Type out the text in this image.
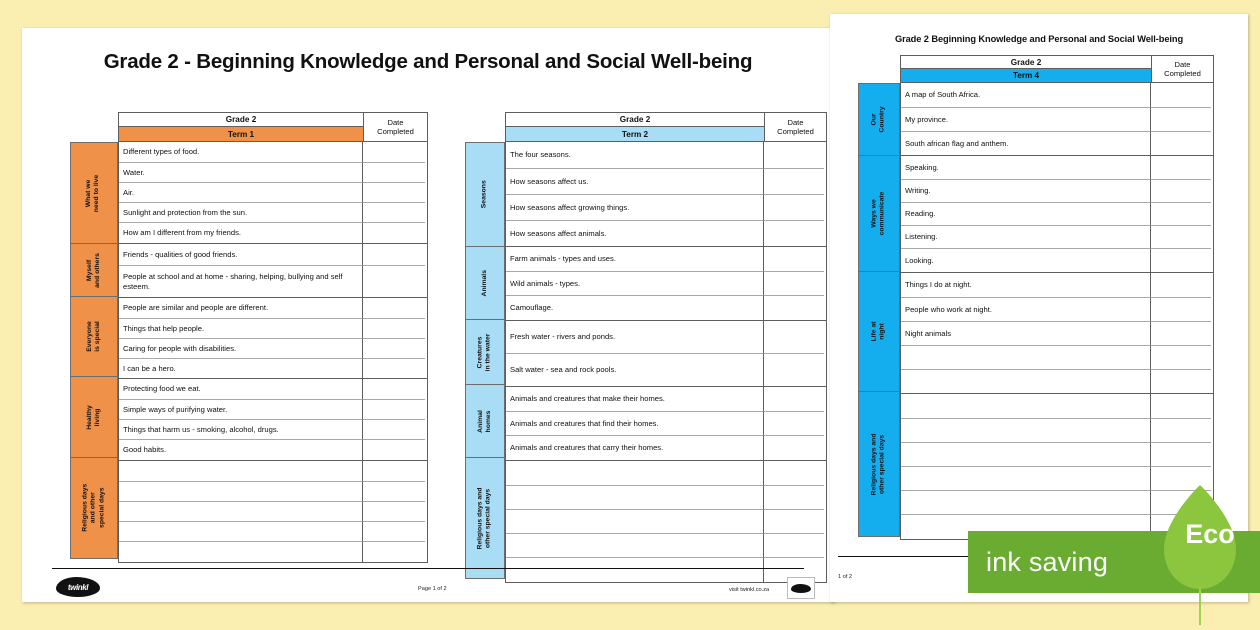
Grade 2 - Beginning Knowledge and Personal and Social Well-being
What we
need to live
Myself
and others
Everyone
is special
Healthy
living
Religious days
and other
special days
Grade 2
Term 1
Date
Completed
Different types of food.
Water.
Air.
Sunlight and protection from the sun.
How am I different from my friends.
Friends - qualities of good friends.
People at school and at home - sharing, helping, bullying and self esteem.
People are similar and people are different.
Things that help people.
Caring for people with disabilities.
I can be a hero.
Protecting food we eat.
Simple ways of purifying water.
Things that harm us - smoking, alcohol, drugs.
Good habits.
Seasons
Animals
Creatures
in the water
Animal
homes
Religious days and
other special days
Grade 2
Term 2
Date
Completed
The four seasons.
How seasons affect us.
How seasons affect growing things.
How seasons affect animals.
Farm animals - types and uses.
Wild animals - types.
Camouflage.
Fresh water - rivers and ponds.
Salt water - sea and rock pools.
Animals and creatures that make their homes.
Animals and creatures that find their homes.
Animals and creatures that carry their homes.
twinkl	Page 1 of 2	visit twinkl.co.za
Grade 2 Beginning Knowledge and Personal and Social Well-being
Our
Country
Ways we
communicate
Life at
night
Religious days and
other special days
Grade 2
Term 4
Date
Completed
A map of South Africa.
My province.
South african flag and anthem.
Speaking.
Writing.
Reading.
Listening.
Looking.
Things I do at night.
People who work at night.
Night animals
1 of 2
ink saving
Eco
